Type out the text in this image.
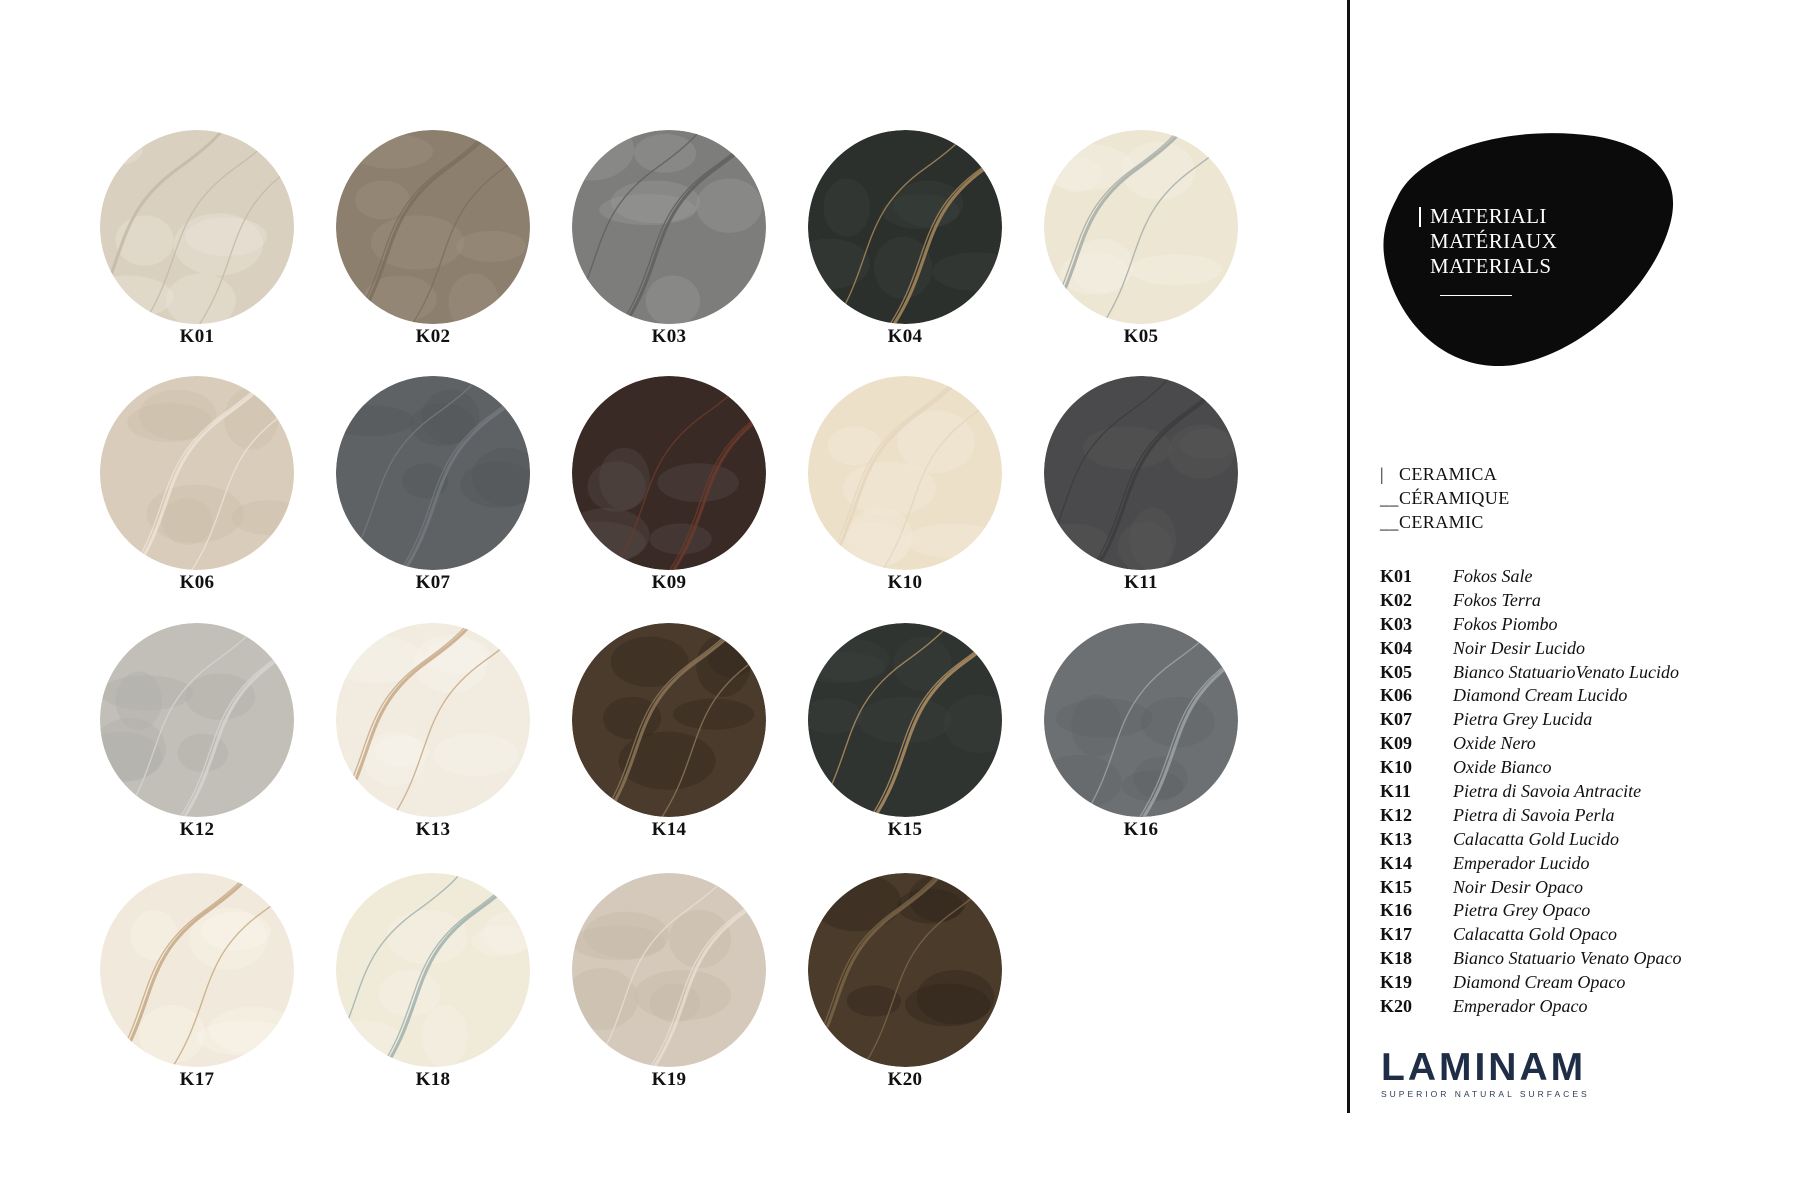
K01	K02	K03	K04	K05
K06	K07	K09	K10	K11
K12	K13	K14	K15	K16
K17	K18	K19	K20
MATERIALI
MATÉRIAUX
MATERIALS
| CERAMICA
__ CÉRAMIQUE
__ CERAMIC
K01 Fokos Sale
K02 Fokos Terra
K03 Fokos Piombo
K04 Noir Desir Lucido
K05 Bianco StatuarioVenato Lucido
K06 Diamond Cream Lucido
K07 Pietra Grey Lucida
K09 Oxide Nero
K10 Oxide Bianco
K11 Pietra di Savoia Antracite
K12 Pietra di Savoia Perla
K13 Calacatta Gold Lucido
K14 Emperador Lucido
K15 Noir Desir Opaco
K16 Pietra Grey Opaco
K17 Calacatta Gold Opaco
K18 Bianco Statuario Venato Opaco
K19 Diamond Cream Opaco
K20 Emperador Opaco
LAMINAM
SUPERIOR NATURAL SURFACES
